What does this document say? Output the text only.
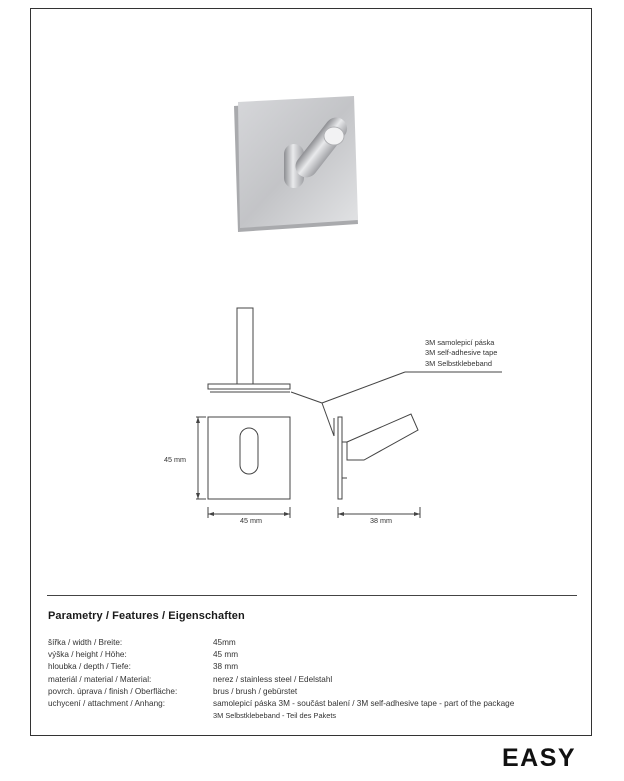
45 mm
45 mm	38 mm
3M samolepicí páska
3M self-adhesive tape
3M Selbstklebeband
Parametry / Features / Eigenschaften
šířka / width / Breite:	45mm
výška / height / Höhe:	45 mm
hloubka / depth / Tiefe:	38 mm
materiál / material / Material:	nerez / stainless steel / Edelstahl
povrch. úprava / finish / Oberfläche:	brus / brush / gebürstet
uchycení / attachment / Anhang:	samolepicí páska 3M - součást balení / 3M self-adhesive tape - part of the package
3M Selbstklebeband - Teil des Pakets
EASY
